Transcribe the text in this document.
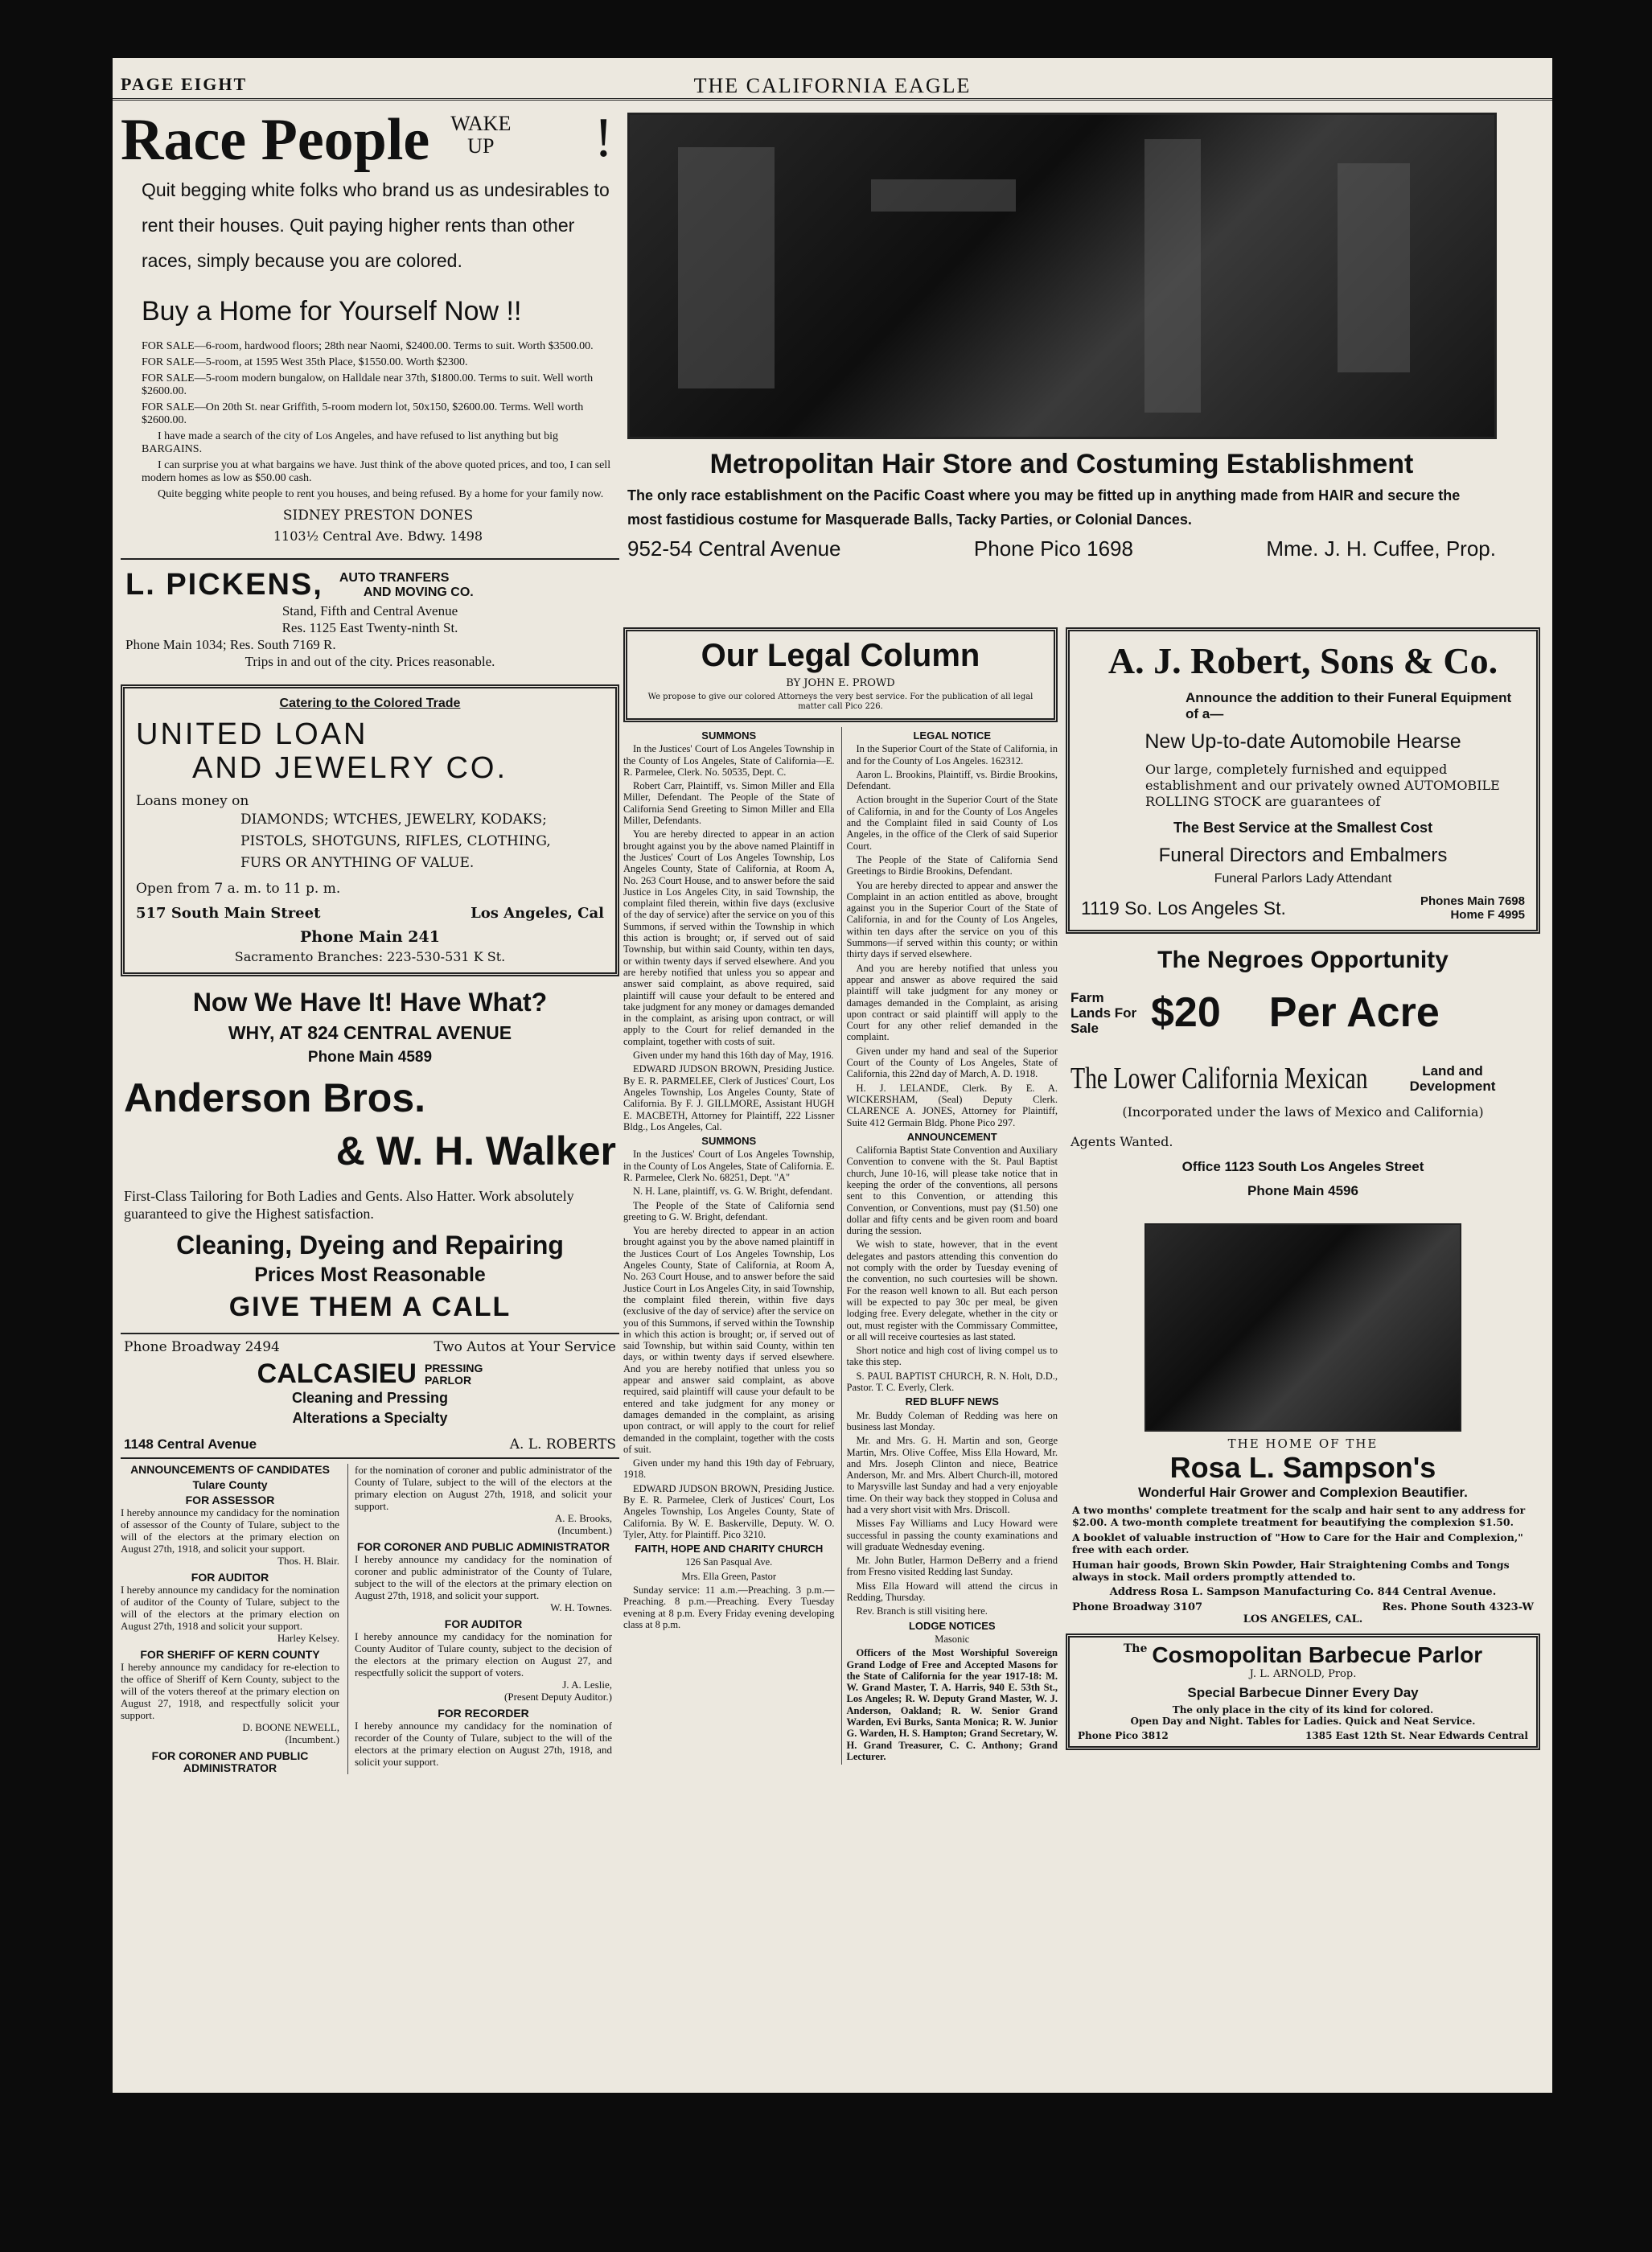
PAGE EIGHT	THE CALIFORNIA EAGLE
Race People WAKE
UP !
Quit begging white folks who brand us as undesirables to rent their houses. Quit paying higher rents than other races, simply because you are colored.
Buy a Home for Yourself Now !!

FOR SALE—6-room, hardwood floors; 28th near Naomi, $2400.00. Terms to suit. Worth $3500.00.

FOR SALE—5-room, at 1595 West 35th Place, $1550.00. Worth $2300.

FOR SALE—5-room modern bungalow, on Halldale near 37th, $1800.00. Terms to suit. Well worth $2600.00.

FOR SALE—On 20th St. near Griffith, 5-room modern lot, 50x150, $2600.00. Terms. Well worth $2600.00.

I have made a search of the city of Los Angeles, and have refused to list anything but big BARGAINS.

I can surprise you at what bargains we have. Just think of the above quoted prices, and too, I can sell modern homes as low as $50.00 cash.

Quite begging white people to rent you houses, and being refused. By a home for your family now.

SIDNEY PRESTON DONES
1103½ Central Ave. Bdwy. 1498
L. PICKENS, AUTO TRANFERS
AND MOVING CO.
Stand, Fifth and Central Avenue
Res. 1125 East Twenty-ninth St.
Phone Main 1034; Res. South 7169 R.
Trips in and out of the city. Prices reasonable.
Catering to the Colored Trade
UNITED LOAN
AND JEWELRY CO.
Loans money on
DIAMONDS; WTCHES, JEWELRY, KODAKS; PISTOLS, SHOTGUNS, RIFLES, CLOTHING, FURS OR ANYTHING OF VALUE.
Open from 7 a. m. to 11 p. m.
517 South Main Street	Los Angeles, Cal
Phone Main 241
Sacramento Branches: 223-530-531 K St.
Now We Have It! Have What?
WHY, AT 824 CENTRAL AVENUE
Phone Main 4589
Anderson Bros.
& W. H. Walker
First-Class Tailoring for Both Ladies and Gents. Also Hatter. Work absolutely guaranteed to give the Highest satisfaction.
Cleaning, Dyeing and Repairing
Prices Most Reasonable
GIVE THEM A CALL
Phone Broadway 2494	Two Autos at Your Service
CALCASIEU PRESSING
PARLOR
Cleaning and Pressing
Alterations a Specialty
1148 Central Avenue	A. L. ROBERTS
ANNOUNCEMENTS OF CANDIDATES
Tulare County
FOR ASSESSOR
I hereby announce my candidacy for the nomination of assessor of the County of Tulare, subject to the will of the electors at the primary election on August 27th, 1918, and solicit your support.
Thos. H. Blair.
FOR AUDITOR
I hereby announce my candidacy for the nomination of auditor of the County of Tulare, subject to the will of the electors at the primary election on August 27th, 1918 and solicit your support.
Harley Kelsey.
FOR SHERIFF OF KERN COUNTY
I hereby announce my candidacy for re-election to the office of Sheriff of Kern County, subject to the will of the voters thereof at the primary election on August 27, 1918, and respectfully solicit your support.
D. BOONE NEWELL,
(Incumbent.)
FOR CORONER AND PUBLIC ADMINISTRATOR
for the nomination of coroner and public administrator of the County of Tulare, subject to the will of the electors at the primary election on August 27th, 1918, and solicit your support.
A. E. Brooks,
(Incumbent.)
FOR CORONER AND PUBLIC ADMINISTRATOR
I hereby announce my candidacy for the nomination of coroner and public administrator of the County of Tulare, subject to the will of the electors at the primary election on August 27th, 1918, and solicit your support.
W. H. Townes.
FOR AUDITOR
I hereby announce my candidacy for the nomination for County Auditor of Tulare county, subject to the decision of the electors at the primary election on August 27, and respectfully solicit the support of voters.
J. A. Leslie,
(Present Deputy Auditor.)
FOR RECORDER
I hereby announce my candidacy for the nomination of recorder of the County of Tulare, subject to the will of the electors at the primary election on August 27th, 1918, and solicit your support.
Metropolitan Hair Store and Costuming Establishment
The only race establishment on the Pacific Coast where you may be fitted up in anything made from HAIR and secure the most fastidious costume for Masquerade Balls, Tacky Parties, or Colonial Dances.
952-54 Central Avenue	Phone Pico 1698	Mme. J. H. Cuffee, Prop.
Our Legal Column
BY JOHN E. PROWD
We propose to give our colored Attorneys the very best service. For the publication of all legal matter call Pico 226.
SUMMONS

In the Justices' Court of Los Angeles Township in the County of Los Angeles, State of California—E. R. Parmelee, Clerk. No. 50535, Dept. C.

Robert Carr, Plaintiff, vs. Simon Miller and Ella Miller, Defendant. The People of the State of California Send Greeting to Simon Miller and Ella Miller, Defendants.

You are hereby directed to appear in an action brought against you by the above named Plaintiff in the Justices' Court of Los Angeles Township, Los Angeles County, State of California, at Room A, No. 263 Court House, and to answer before the said Justice in Los Angeles City, in said Township, the complaint filed therein, within five days (exclusive of the day of service) after the service on you of this Summons, if served within the Township in which this action is brought; or, if served out of said Township, but within said County, within ten days, or within twenty days if served elsewhere. And you are hereby notified that unless you so appear and answer said complaint, as above required, said plaintiff will cause your default to be entered and take judgment for any money or damages demanded in the complaint, as arising upon contract, or will apply to the Court for relief demanded in the complaint, together with costs of suit.

Given under my hand this 16th day of May, 1916.

EDWARD JUDSON BROWN, Presiding Justice. By E. R. PARMELEE, Clerk of Justices' Court, Los Angeles Township, Los Angeles County, State of California. By F. J. GILLMORE, Assistant HUGH E. MACBETH, Attorney for Plaintiff, 222 Lissner Bldg., Los Angeles, Cal.

SUMMONS

In the Justices' Court of Los Angeles Township, in the County of Los Angeles, State of California. E. R. Parmelee, Clerk No. 68251, Dept. "A"

N. H. Lane, plaintiff, vs. G. W. Bright, defendant.

The People of the State of California send greeting to G. W. Bright, defendant.

You are hereby directed to appear in an action brought against you by the above named plaintiff in the Justices Court of Los Angeles Township, Los Angeles County, State of California, at Room A, No. 263 Court House, and to answer before the said Justice Court in Los Angeles City, in said Township, the complaint filed therein, within five days (exclusive of the day of service) after the service on you of this Summons, if served within the Township in which this action is brought; or, if served out of said Township, but within said County, within ten days, or within twenty days if served elsewhere. And you are hereby notified that unless you so appear and answer said complaint, as above required, said plaintiff will cause your default to be entered and take judgment for any money or damages demanded in the complaint, as arising upon contract, or will apply to the court for relief demanded in the complaint, together with the costs of suit.

Given under my hand this 19th day of February, 1918.

EDWARD JUDSON BROWN, Presiding Justice. By E. R. Parmelee, Clerk of Justices' Court, Los Angeles Township, Los Angeles County, State of California. By W. E. Baskerville, Deputy. W. O. Tyler, Atty. for Plaintiff. Pico 3210.

FAITH, HOPE AND CHARITY CHURCH

126 San Pasqual Ave.

Mrs. Ella Green, Pastor

Sunday service: 11 a.m.—Preaching. 3 p.m.—Preaching. 8 p.m.—Preaching. Every Tuesday evening at 8 p.m. Every Friday evening developing class at 8 p.m.

LEGAL NOTICE

In the Superior Court of the State of California, in and for the County of Los Angeles. 162312.

Aaron L. Brookins, Plaintiff, vs. Birdie Brookins, Defendant.

Action brought in the Superior Court of the State of California, in and for the County of Los Angeles and the Complaint filed in said County of Los Angeles, in the office of the Clerk of said Superior Court.

The People of the State of California Send Greetings to Birdie Brookins, Defendant.

You are hereby directed to appear and answer the Complaint in an action entitled as above, brought against you in the Superior Court of the State of California, in and for the County of Los Angeles, within ten days after the service on you of this Summons—if served within this county; or within thirty days if served elsewhere.

And you are hereby notified that unless you appear and answer as above required the said plaintiff will take judgment for any money or damages demanded in the Complaint, as arising upon contract or said plaintiff will apply to the Court for any other relief demanded in the complaint.

Given under my hand and seal of the Superior Court of the County of Los Angeles, State of California, this 22nd day of March, A. D. 1918.

H. J. LELANDE, Clerk. By E. A. WICKERSHAM, (Seal) Deputy Clerk. CLARENCE A. JONES, Attorney for Plaintiff, Suite 412 Germain Bldg. Phone Pico 297.

ANNOUNCEMENT

California Baptist State Convention and Auxiliary Convention to convene with the St. Paul Baptist church, June 10-16, will please take notice that in keeping the order of the conventions, all persons sent to this Convention, or attending this Convention, or Conventions, must pay ($1.50) one dollar and fifty cents and be given room and board during the session.

We wish to state, however, that in the event delegates and pastors attending this convention do not comply with the order by Tuesday evening of the convention, no such courtesies will be shown. For the reason well known to all. But each person will be expected to pay 30c per meal, be given lodging free. Every delegate, whether in the city or out, must register with the Commissary Committee, or all will receive courtesies as last stated.

Short notice and high cost of living compel us to take this step.

S. PAUL BAPTIST CHURCH, R. N. Holt, D.D., Pastor. T. C. Everly, Clerk.

RED BLUFF NEWS

Mr. Buddy Coleman of Redding was here on business last Monday.

Mr. and Mrs. G. H. Martin and son, George Martin, Mrs. Olive Coffee, Miss Ella Howard, Mr. and Mrs. Joseph Clinton and niece, Beatrice Anderson, Mr. and Mrs. Albert Church-ill, motored to Marysville last Sunday and had a very enjoyable time. On their way back they stopped in Colusa and had a very short visit with Mrs. Driscoll.

Misses Fay Williams and Lucy Howard were successful in passing the county examinations and will graduate Wednesday evening.

Mr. John Butler, Harmon DeBerry and a friend from Fresno visited Redding last Sunday.

Miss Ella Howard will attend the circus in Redding, Thursday.

Rev. Branch is still visiting here.

LODGE NOTICES

Masonic

Officers of the Most Worshipful Sovereign Grand Lodge of Free and Accepted Masons for the State of California for the year 1917-18: M. W. Grand Master, T. A. Harris, 940 E. 53th St., Los Angeles; R. W. Deputy Grand Master, W. J. Anderson, Oakland; R. W. Senior Grand Warden, Evi Burks, Santa Monica; R. W. Junior G. Warden, H. S. Hampton; Grand Secretary, W. H. Grand Treasurer, C. C. Anthony; Grand Lecturer.

A. J. Robert, Sons & Co.
Announce the addition to their Funeral Equipment of a—
New Up-to-date Automobile Hearse
Our large, completely furnished and equipped establishment and our privately owned AUTOMOBILE ROLLING STOCK are guarantees of
The Best Service at the Smallest Cost
Funeral Directors and Embalmers
Funeral Parlors Lady Attendant
1119 So. Los Angeles St.	Phones Main 7698
Home F 4995
The Negroes Opportunity
Farm Lands For Sale	$20 Per Acre
The Lower California Mexican	Land and Development
(Incorporated under the laws of Mexico and California)
Agents Wanted.
Office 1123 South Los Angeles Street
Phone Main 4596
THE HOME OF THE
Rosa L. Sampson's
Wonderful Hair Grower and Complexion Beautifier.
A two months' complete treatment for the scalp and hair sent to any address for $2.00. A two-month complete treatment for beautifying the complexion $1.50.
A booklet of valuable instruction of "How to Care for the Hair and Complexion," free with each order.
Human hair goods, Brown Skin Powder, Hair Straightening Combs and Tongs always in stock. Mail orders promptly attended to.
Address Rosa L. Sampson Manufacturing Co. 844 Central Avenue.
Phone Broadway 3107	Res. Phone South 4323-W
LOS ANGELES, CAL.
The Cosmopolitan Barbecue Parlor
J. L. ARNOLD, Prop.
Special Barbecue Dinner Every Day
The only place in the city of its kind for colored.
Open Day and Night. Tables for Ladies. Quick and Neat Service.
Phone Pico 3812	1385 East 12th St. Near Edwards Central
